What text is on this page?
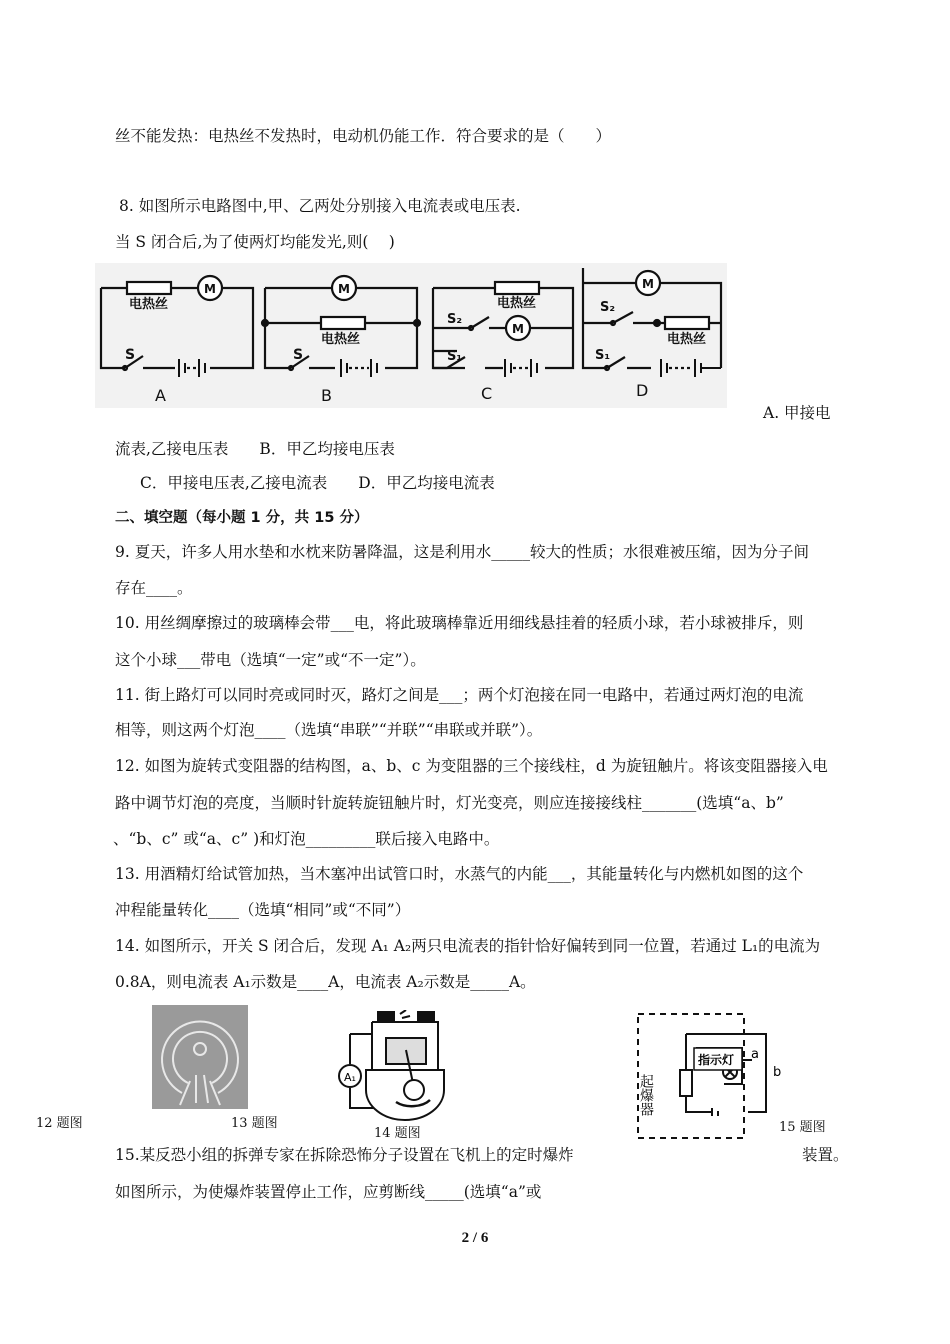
丝不能发热：电热丝不发热时，电动机仍能工作．符合要求的是（　　）
8. 如图所示电路图中,甲、乙两处分别接入电流表或电压表.
当 S 闭合后,为了使两灯均能发光,则(　 )
A. 甲接电
流表,乙接电压表　　B．甲乙均接电压表
C．甲接电压表,乙接电流表　　D．甲乙均接电流表
二、填空题（每小题 1 分，共 15 分）
9. 夏天，许多人用水垫和水枕来防暑降温，这是利用水_____较大的性质；水很难被压缩，因为分子间
存在____。
10. 用丝绸摩擦过的玻璃棒会带___电，将此玻璃棒靠近用细线悬挂着的轻质小球，若小球被排斥，则
这个小球___带电（选填“一定”或“不一定”）。
11. 街上路灯可以同时亮或同时灭，路灯之间是___；两个灯泡接在同一电路中，若通过两灯泡的电流
相等，则这两个灯泡____（选填“串联”“并联”“串联或并联”）。
12. 如图为旋转式变阻器的结构图，a、b、c 为变阻器的三个接线柱，d 为旋钮触片。将该变阻器接入电
路中调节灯泡的亮度，当顺时针旋转旋钮触片时，灯光变亮，则应连接接线柱_______(选填“a、b”
、“b、c” 或“a、c” )和灯泡_________联后接入电路中。
13. 用酒精灯给试管加热，当木塞冲出试管口时，水蒸气的内能___，其能量转化与内燃机如图的这个
冲程能量转化____（选填“相同”或“不同”）
14. 如图所示，开关 S 闭合后，发现 A₁ A₂两只电流表的指针恰好偏转到同一位置，若通过 L₁的电流为
0.8A，则电流表 A₁示数是____A，电流表 A₂示数是_____A。
15.某反恐小组的拆弹专家在拆除恐怖分子设置在飞机上的定时爆炸	装置。
如图所示，为使爆炸装置停止工作，应剪断线_____(选填“a”或
电热丝
M
S
A
M
电热丝
S
B
电热丝
M
S₂
S₁
C
M
S₂
电热丝
S₁
D
12 题图	13 题图
A₁
14 题图
起爆器
指示灯 a
b
15 题图
2 / 6
